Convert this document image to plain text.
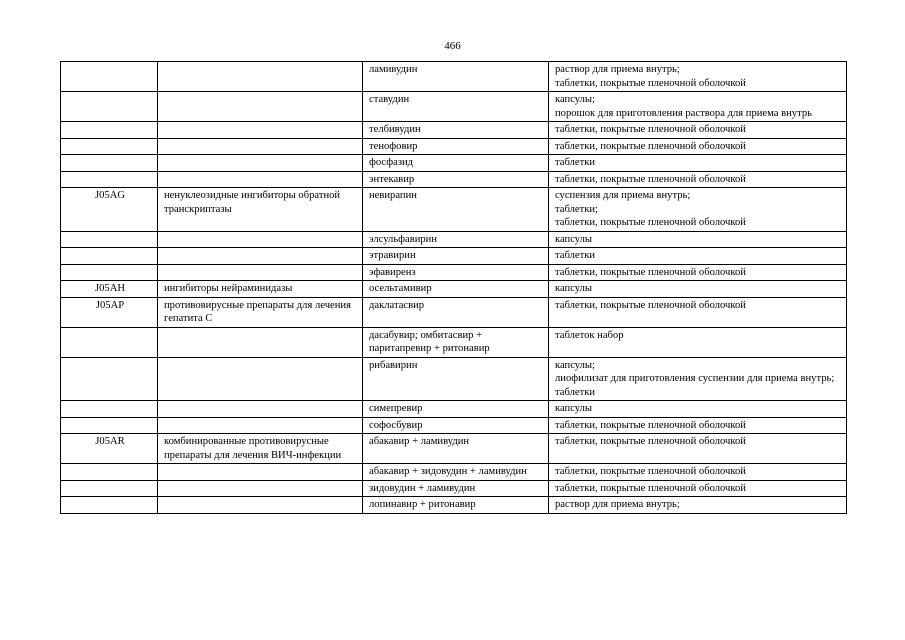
466
		ламивудин	раствор для приема внутрь;
таблетки, покрытые пленочной оболочкой
		ставудин	капсулы;
порошок для приготовления раствора для приема внутрь
		телбивудин	таблетки, покрытые пленочной оболочкой
		тенофовир	таблетки, покрытые пленочной оболочкой
		фосфазид	таблетки
		энтекавир	таблетки, покрытые пленочной оболочкой
J05AG	ненуклеозидные ингибиторы обратной транскриптазы	невирапин	суспензия для приема внутрь;
таблетки;
таблетки, покрытые пленочной оболочкой
		элсульфавирин	капсулы
		этравирин	таблетки
		эфавиренз	таблетки, покрытые пленочной оболочкой
J05AH	ингибиторы нейраминидазы	осельтамивир	капсулы
J05AP	противовирусные препараты для лечения гепатита С	даклатасвир	таблетки, покрытые пленочной оболочкой
		дасабувир; омбитасвир + паритапревир + ритонавир	таблеток набор
		рибавирин	капсулы;
лиофилизат для приготовления суспензии для приема внутрь;
таблетки
		симепревир	капсулы
		софосбувир	таблетки, покрытые пленочной оболочкой
J05AR	комбинированные противовирусные препараты для лечения ВИЧ-инфекции	абакавир + ламивудин	таблетки, покрытые пленочной оболочкой
		абакавир + зидовудин + ламивудин	таблетки, покрытые пленочной оболочкой
		зидовудин + ламивудин	таблетки, покрытые пленочной оболочкой
		лопинавир + ритонавир	раствор для приема внутрь;
